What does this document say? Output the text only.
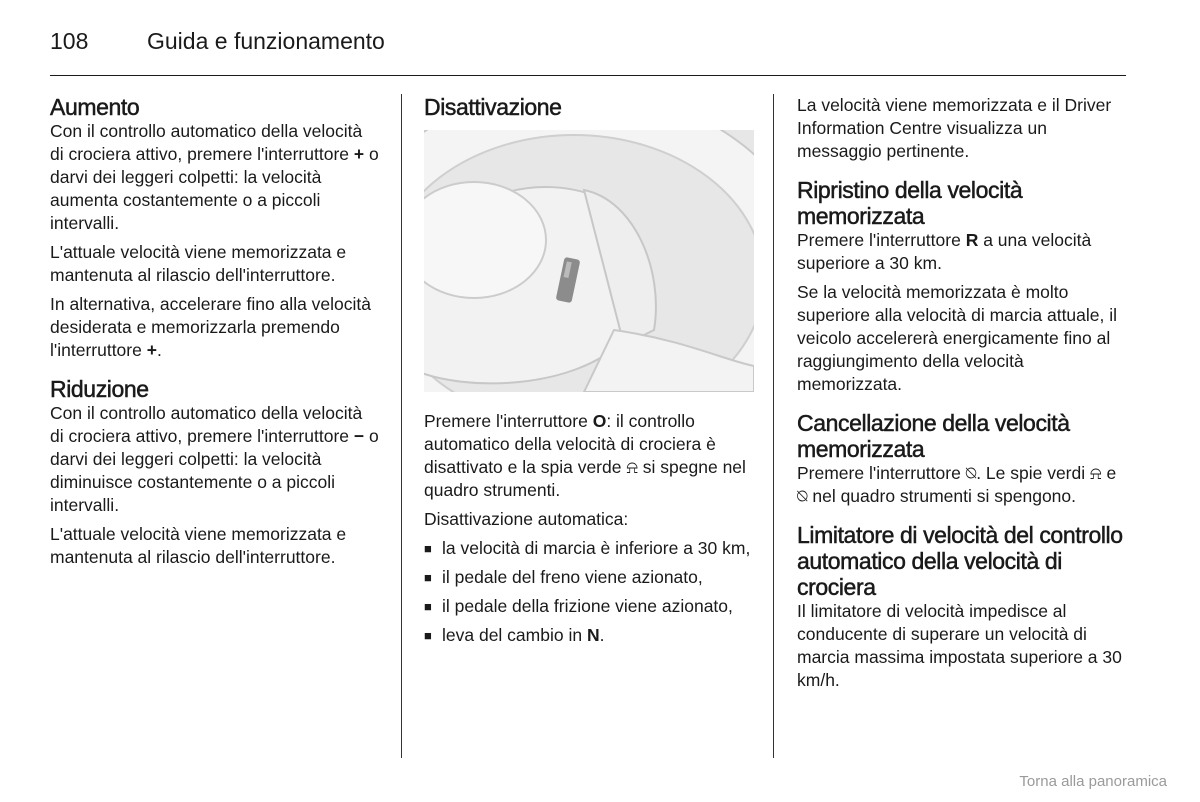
108	Guida e funzionamento
Aumento

Con il controllo automatico della velocità di crociera attivo, premere l'interruttore + o darvi dei leggeri colpetti: la velocità aumenta costantemente o a piccoli intervalli.

L'attuale velocità viene memorizzata e mantenuta al rilascio dell'interruttore.

In alternativa, accelerare fino alla velocità desiderata e memorizzarla premendo l'interruttore +.

Riduzione

Con il controllo automatico della velocità di crociera attivo, premere l'interruttore − o darvi dei leggeri colpetti: la velocità diminuisce costantemente o a piccoli intervalli.

L'attuale velocità viene memorizzata e mantenuta al rilascio dell'interruttore.

Disattivazione

Premere l'interruttore O: il controllo automatico della velocità di crociera è disattivato e la spia verde ⍾ si spegne nel quadro strumenti.

Disattivazione automatica:

■ la velocità di marcia è inferiore a 30 km,
■ il pedale del freno viene azionato,
■ il pedale della frizione viene azionato,
■ leva del cambio in N.

La velocità viene memorizzata e il Driver Information Centre visualizza un messaggio pertinente.

Ripristino della velocità memorizzata

Premere l'interruttore R a una velocità superiore a 30 km.

Se la velocità memorizzata è molto superiore alla velocità di marcia attuale, il veicolo accelererà energicamente fino al raggiungimento della velocità memorizzata.

Cancellazione della velocità memorizzata

Premere l'interruttore ⍉. Le spie verdi ⍾ e ⍉ nel quadro strumenti si spengono.

Limitatore di velocità del controllo automatico della velocità di crociera

Il limitatore di velocità impedisce al conducente di superare un velocità di marcia massima impostata superiore a 30 km/h.

Torna alla panoramica
